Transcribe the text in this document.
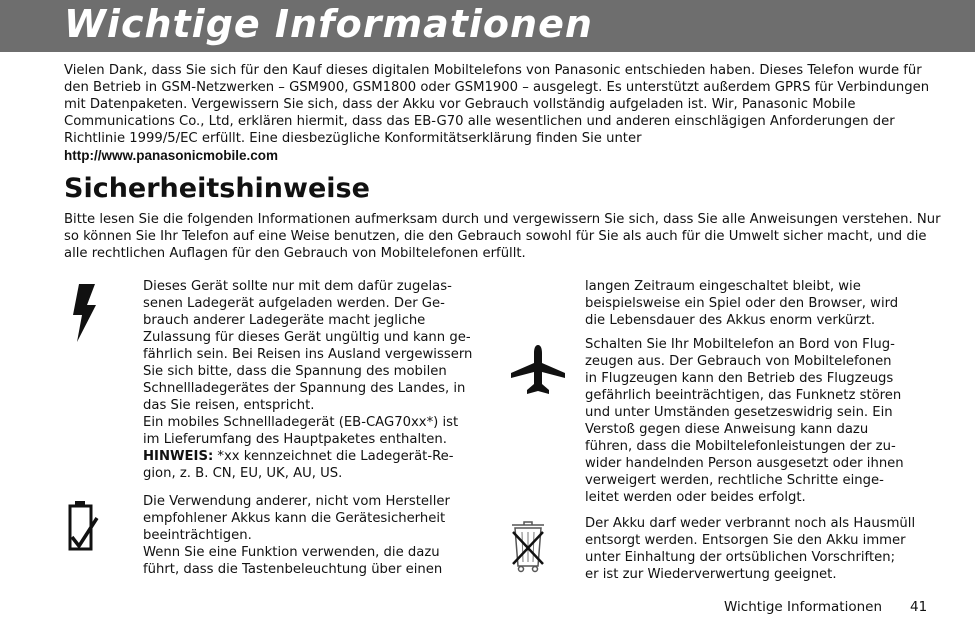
Wichtige Informationen

Vielen Dank, dass Sie sich für den Kauf dieses digitalen Mobiltelefons von Panasonic entschieden haben. Dieses Telefon wurde für den Betrieb in GSM-Netzwerken – GSM900, GSM1800 oder GSM1900 – ausgelegt. Es unterstützt außerdem GPRS für Verbindungen mit Datenpaketen. Vergewissern Sie sich, dass der Akku vor Gebrauch vollständig aufgeladen ist. Wir, Panasonic Mobile Communications Co., Ltd, erklären hiermit, dass das EB-G70 alle wesentlichen und anderen einschlägigen Anforderungen der Richtlinie 1999/5/EC erfüllt. Eine diesbezügliche Konformitätserklärung finden Sie unter
http://www.panasonicmobile.com

Sicherheitshinweise

Bitte lesen Sie die folgenden Informationen aufmerksam durch und vergewissern Sie sich, dass Sie alle Anweisungen verstehen. Nur so können Sie Ihr Telefon auf eine Weise benutzen, die den Gebrauch sowohl für Sie als auch für die Umwelt sicher macht, und die alle rechtlichen Auflagen für den Gebrauch von Mobiltelefonen erfüllt.

Dieses Gerät sollte nur mit dem dafür zugelas-
senen Ladegerät aufgeladen werden. Der Ge-
brauch anderer Ladegeräte macht jegliche
Zulassung für dieses Gerät ungültig und kann ge-
fährlich sein. Bei Reisen ins Ausland vergewissern
Sie sich bitte, dass die Spannung des mobilen
Schnellladegerätes der Spannung des Landes, in
das Sie reisen, entspricht.
Ein mobiles Schnellladegerät (EB-CAG70xx*) ist
im Lieferumfang des Hauptpaketes enthalten.
HINWEIS: *xx kennzeichnet die Ladegerät-Re-
gion, z. B. CN, EU, UK, AU, US.

Die Verwendung anderer, nicht vom Hersteller
empfohlener Akkus kann die Gerätesicherheit
beeinträchtigen.
Wenn Sie eine Funktion verwenden, die dazu
führt, dass die Tastenbeleuchtung über einen

langen Zeitraum eingeschaltet bleibt, wie
beispielsweise ein Spiel oder den Browser, wird
die Lebensdauer des Akkus enorm verkürzt.

Schalten Sie Ihr Mobiltelefon an Bord von Flug-
zeugen aus. Der Gebrauch von Mobiltelefonen
in Flugzeugen kann den Betrieb des Flugzeugs
gefährlich beeinträchtigen, das Funknetz stören
und unter Umständen gesetzeswidrig sein. Ein
Verstoß gegen diese Anweisung kann dazu
führen, dass die Mobiltelefonleistungen der zu-
wider handelnden Person ausgesetzt oder ihnen
verweigert werden, rechtliche Schritte einge-
leitet werden oder beides erfolgt.

Der Akku darf weder verbrannt noch als Hausmüll
entsorgt werden. Entsorgen Sie den Akku immer
unter Einhaltung der ortsüblichen Vorschriften;
er ist zur Wiederverwertung geeignet.

Wichtige Informationen 41
